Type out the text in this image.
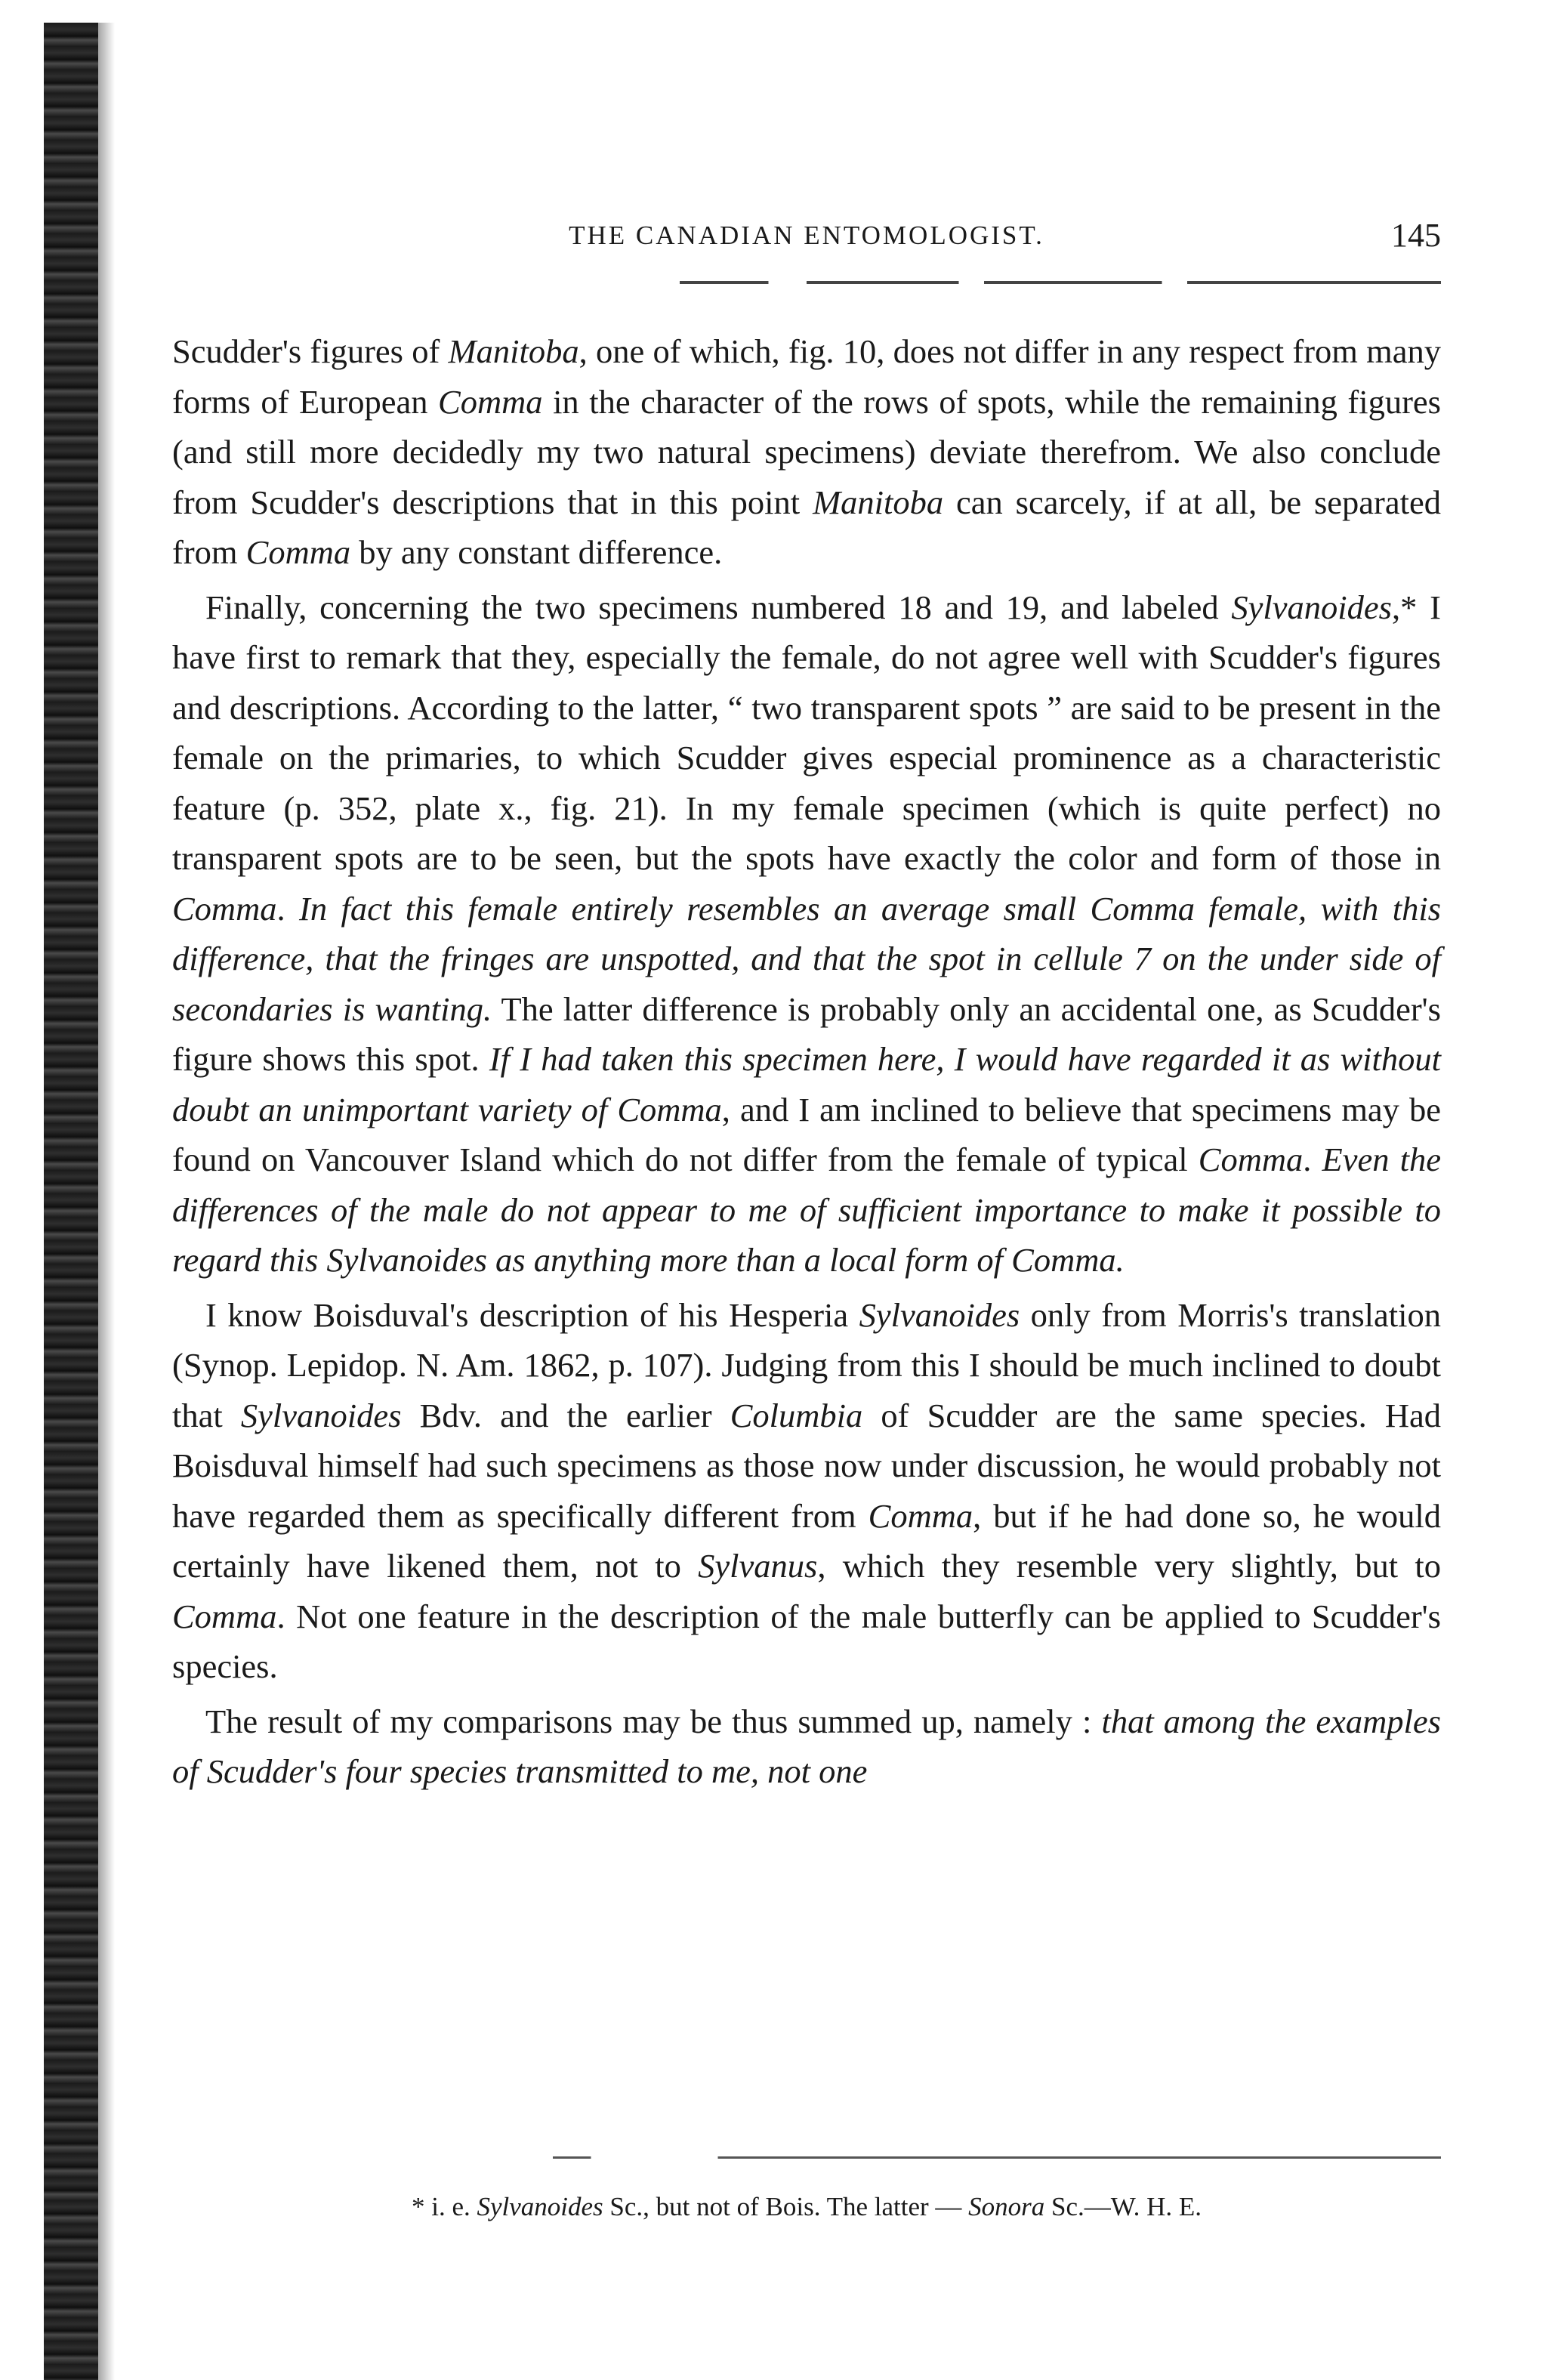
THE CANADIAN ENTOMOLOGIST.	145

Scudder's figures of Manitoba, one of which, fig. 10, does not differ in any respect from many forms of European Comma in the character of the rows of spots, while the remaining figures (and still more decidedly my two natural specimens) deviate therefrom. We also conclude from Scudder's descriptions that in this point Manitoba can scarcely, if at all, be separated from Comma by any constant difference.

Finally, concerning the two specimens numbered 18 and 19, and labeled Sylvanoides,* I have first to remark that they, especially the female, do not agree well with Scudder's figures and descriptions. According to the latter, “ two transparent spots ” are said to be present in the female on the primaries, to which Scudder gives especial prominence as a characteristic feature (p. 352, plate x., fig. 21). In my female specimen (which is quite perfect) no transparent spots are to be seen, but the spots have exactly the color and form of those in Comma. In fact this female entirely resembles an average small Comma female, with this difference, that the fringes are unspotted, and that the spot in cellule 7 on the under side of secondaries is wanting. The latter difference is probably only an accidental one, as Scudder's figure shows this spot. If I had taken this specimen here, I would have regarded it as without doubt an unimportant variety of Comma, and I am inclined to believe that specimens may be found on Vancouver Island which do not differ from the female of typical Comma. Even the differences of the male do not appear to me of sufficient importance to make it possible to regard this Sylvanoides as anything more than a local form of Comma.

I know Boisduval's description of his Hesperia Sylvanoides only from Morris's translation (Synop. Lepidop. N. Am. 1862, p. 107). Judging from this I should be much inclined to doubt that Sylvanoides Bdv. and the earlier Columbia of Scudder are the same species. Had Boisduval himself had such specimens as those now under discussion, he would probably not have regarded them as specifically different from Comma, but if he had done so, he would certainly have likened them, not to Sylvanus, which they resemble very slightly, but to Comma. Not one feature in the description of the male butterfly can be applied to Scudder's species.

The result of my comparisons may be thus summed up, namely : that among the examples of Scudder's four species transmitted to me, not one

* i. e. Sylvanoides Sc., but not of Bois. The latter — Sonora Sc.—W. H. E.
